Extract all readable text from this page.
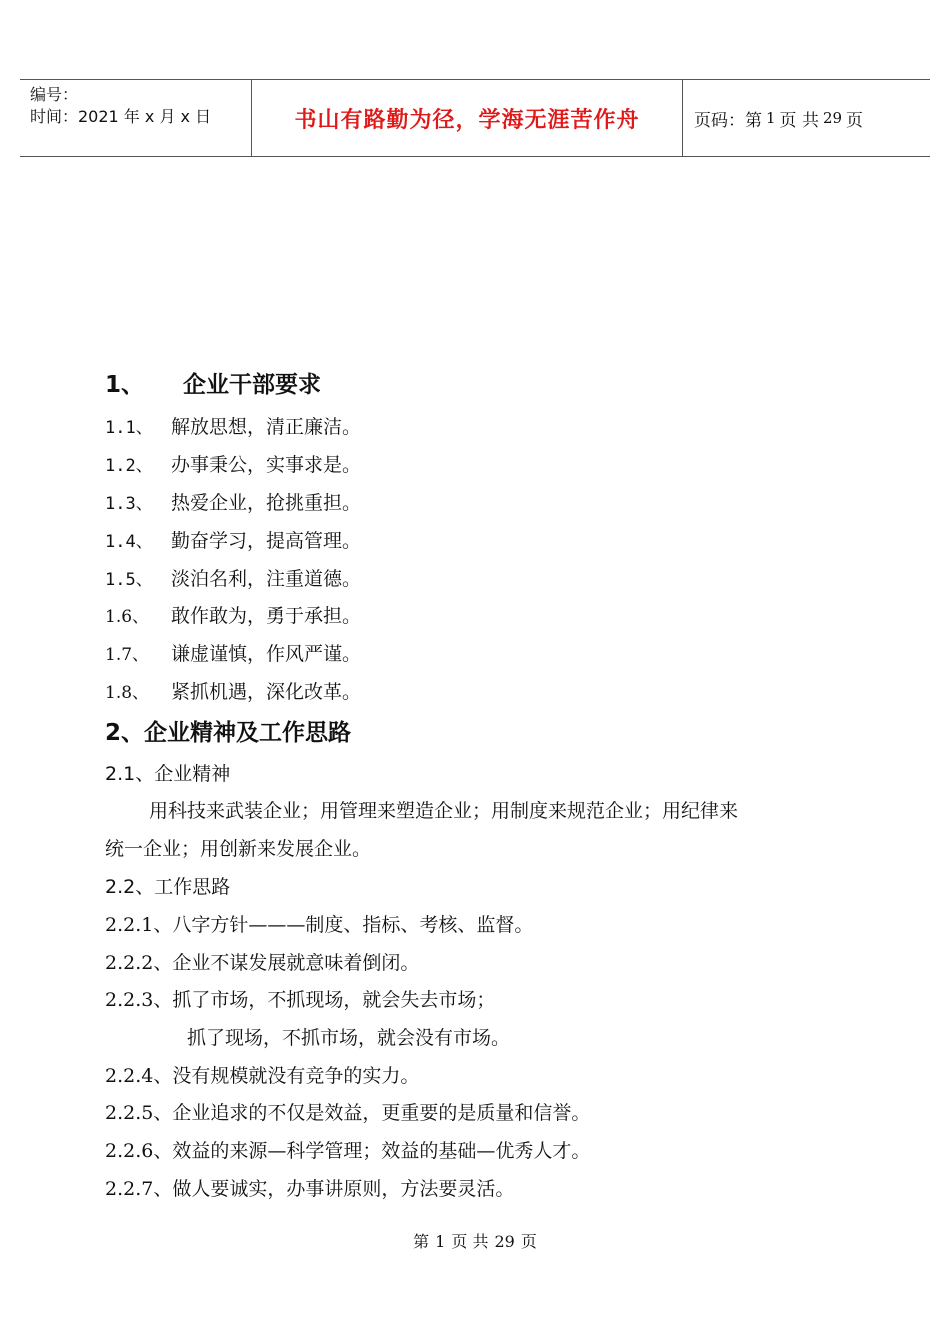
编号：
时间：2021 年 x 月 x 日	书山有路勤为径，学海无涯苦作舟	页码：第 1 页 共 29 页
1、 企业干部要求
1.1、 解放思想，清正廉洁。
1.2、 办事秉公，实事求是。
1.3、 热爱企业，抢挑重担。
1.4、 勤奋学习，提高管理。
1.5、 淡泊名利，注重道德。
1.6、 敢作敢为，勇于承担。
1.7、 谦虚谨慎，作风严谨。
1.8、 紧抓机遇，深化改革。
2、企业精神及工作思路
2.1、企业精神
用科技来武装企业；用管理来塑造企业；用制度来规范企业；用纪律来
统一企业；用创新来发展企业。
2.2、工作思路
2.2.1、八字方针———制度、指标、考核、监督。
2.2.2、企业不谋发展就意味着倒闭。
2.2.3、抓了市场，不抓现场，就会失去市场；
抓了现场，不抓市场，就会没有市场。
2.2.4、没有规模就没有竞争的实力。
2.2.5、企业追求的不仅是效益，更重要的是质量和信誉。
2.2.6、效益的来源—科学管理；效益的基础—优秀人才。
2.2.7、做人要诚实，办事讲原则，方法要灵活。
第 1 页 共 29 页
